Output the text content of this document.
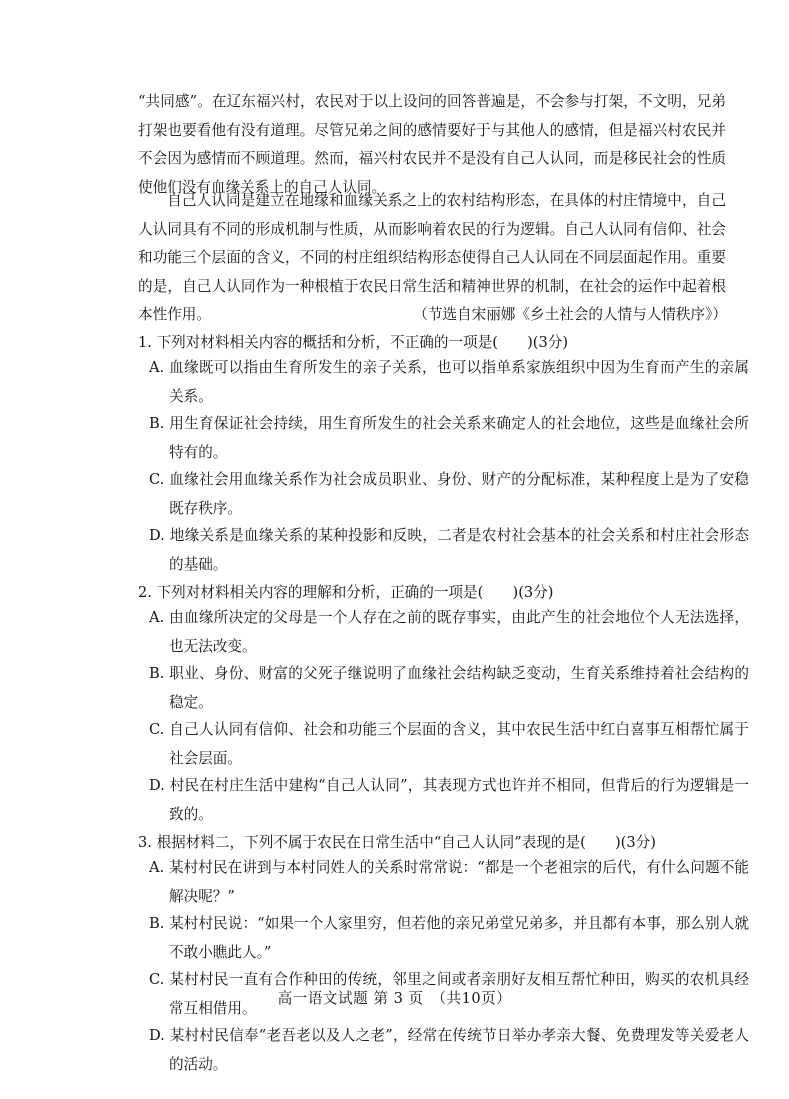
“共同感”。在辽东福兴村，农民对于以上设问的回答普遍是，不会参与打架，不文明，兄弟打架也要看他有没有道理。尽管兄弟之间的感情要好于与其他人的感情，但是福兴村农民并不会因为感情而不顾道理。然而，福兴村农民并不是没有自己人认同，而是移民社会的性质使他们没有血缘关系上的自己人认同。
自己人认同是建立在地缘和血缘关系之上的农村结构形态，在具体的村庄情境中，自己人认同具有不同的形成机制与性质，从而影响着农民的行为逻辑。自己人认同有信仰、社会和功能三个层面的含义，不同的村庄组织结构形态使得自己人认同在不同层面起作用。重要的是，自己人认同作为一种根植于农民日常生活和精神世界的机制，在社会的运作中起着根本性作用。	（节选自宋丽娜《乡土社会的人情与人情秩序》）
1. 下列对材料相关内容的概括和分析，不正确的一项是(　　)(3分)
A. 血缘既可以指由生育所发生的亲子关系，也可以指单系家族组织中因为生育而产生的亲属关系。
B. 用生育保证社会持续，用生育所发生的社会关系来确定人的社会地位，这些是血缘社会所特有的。
C. 血缘社会用血缘关系作为社会成员职业、身份、财产的分配标准，某种程度上是为了安稳既存秩序。
D. 地缘关系是血缘关系的某种投影和反映，二者是农村社会基本的社会关系和村庄社会形态的基础。
2. 下列对材料相关内容的理解和分析，正确的一项是(　　)(3分)
A. 由血缘所决定的父母是一个人存在之前的既存事实，由此产生的社会地位个人无法选择，也无法改变。
B. 职业、身份、财富的父死子继说明了血缘社会结构缺乏变动，生育关系维持着社会结构的稳定。
C. 自己人认同有信仰、社会和功能三个层面的含义，其中农民生活中红白喜事互相帮忙属于社会层面。
D. 村民在村庄生活中建构“自己人认同”，其表现方式也许并不相同，但背后的行为逻辑是一致的。
3. 根据材料二，下列不属于农民在日常生活中“自己人认同”表现的是(　　)(3分)
A. 某村村民在讲到与本村同姓人的关系时常常说：“都是一个老祖宗的后代，有什么问题不能解决呢？”
B. 某村村民说：“如果一个人家里穷，但若他的亲兄弟堂兄弟多，并且都有本事，那么别人就不敢小瞧此人。”
C. 某村村民一直有合作种田的传统，邻里之间或者亲朋好友相互帮忙种田，购买的农机具经常互相借用。
D. 某村村民信奉“老吾老以及人之老”，经常在传统节日举办孝亲大餐、免费理发等关爱老人的活动。
高一语文试题 第 3 页　（共10页）
